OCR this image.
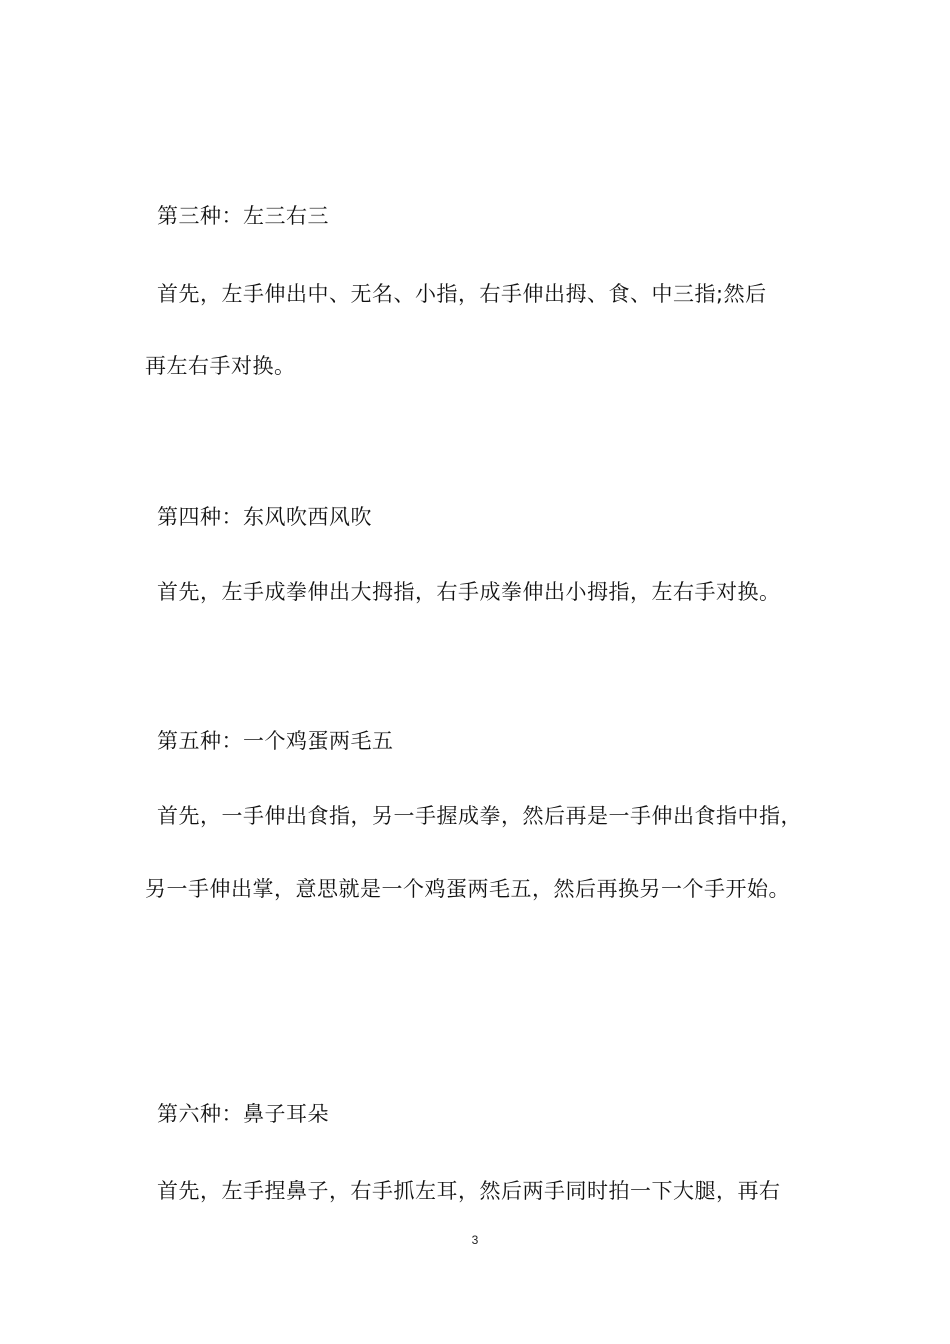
第三种：左三右三
首先，左手伸出中、无名、小指，右手伸出拇、食、中三指;然后
再左右手对换。
第四种：东风吹西风吹
首先，左手成拳伸出大拇指，右手成拳伸出小拇指，左右手对换。
第五种：一个鸡蛋两毛五
首先，一手伸出食指，另一手握成拳，然后再是一手伸出食指中指，
另一手伸出掌，意思就是一个鸡蛋两毛五，然后再换另一个手开始。
第六种：鼻子耳朵
首先，左手捏鼻子，右手抓左耳，然后两手同时拍一下大腿，再右
3
